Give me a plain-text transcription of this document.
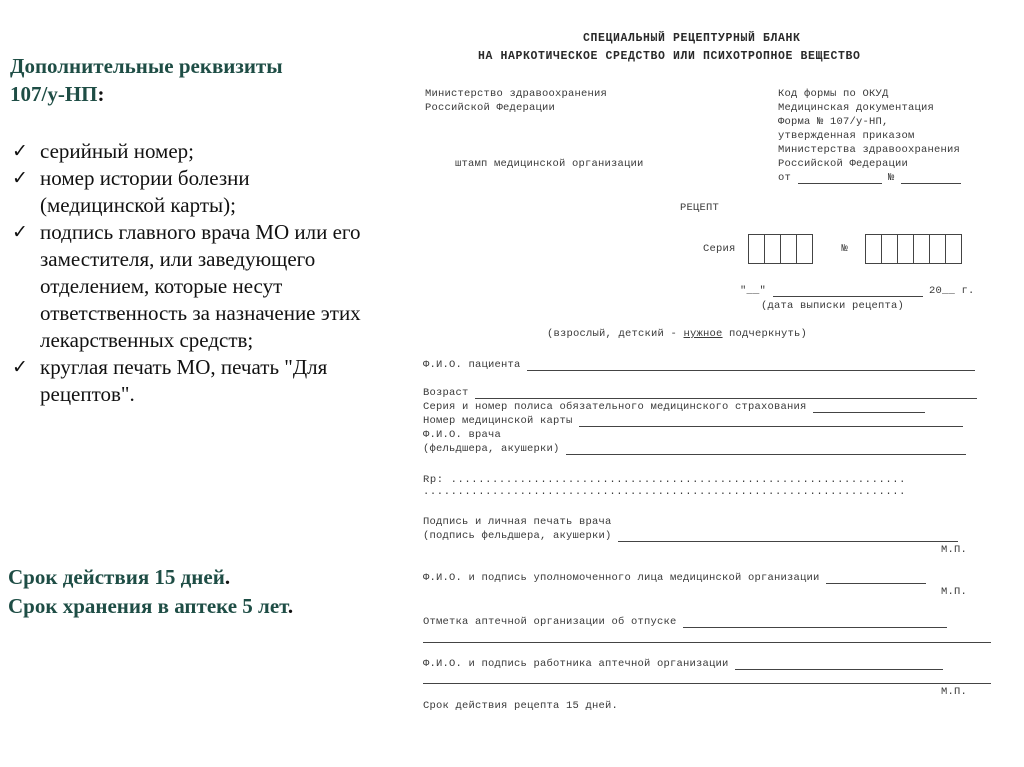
Дополнительные реквизиты
107/у-НП:
✓ серийный номер;
✓ номер истории болезни (медицинской карты);
✓ подпись главного врача МО или его заместителя, или заведующего отделением, которые несут ответственность за назначение этих лекарственных средств;
✓ круглая печать МО, печать "Для рецептов".
Срок действия 15 дней.
Срок хранения в аптеке 5 лет.
СПЕЦИАЛЬНЫЙ РЕЦЕПТУРНЫЙ БЛАНК
НА НАРКОТИЧЕСКОЕ СРЕДСТВО ИЛИ ПСИХОТРОПНОЕ ВЕЩЕСТВО
Министерство здравоохранения
Российской Федерации
Код формы по ОКУД
Медицинская документация
Форма № 107/у-НП,
утвержденная приказом
Министерства здравоохранения
Российской Федерации
от	№
штамп медицинской организации
РЕЦЕПТ
Серия	№
"__"	20__ г.
(дата выписки рецепта)
(взрослый, детский - нужное подчеркнуть)
Ф.И.О. пациента
Возраст
Серия и номер полиса обязательного медицинского страхования
Номер медицинской карты
Ф.И.О. врача
(фельдшера, акушерки)
Rp: ..................................................................
......................................................................
Подпись и личная печать врача
(подпись фельдшера, акушерки)
М.П.
Ф.И.О. и подпись уполномоченного лица медицинской организации
М.П.
Отметка аптечной организации об отпуске
Ф.И.О. и подпись работника аптечной организации
М.П.
Срок действия рецепта 15 дней.
